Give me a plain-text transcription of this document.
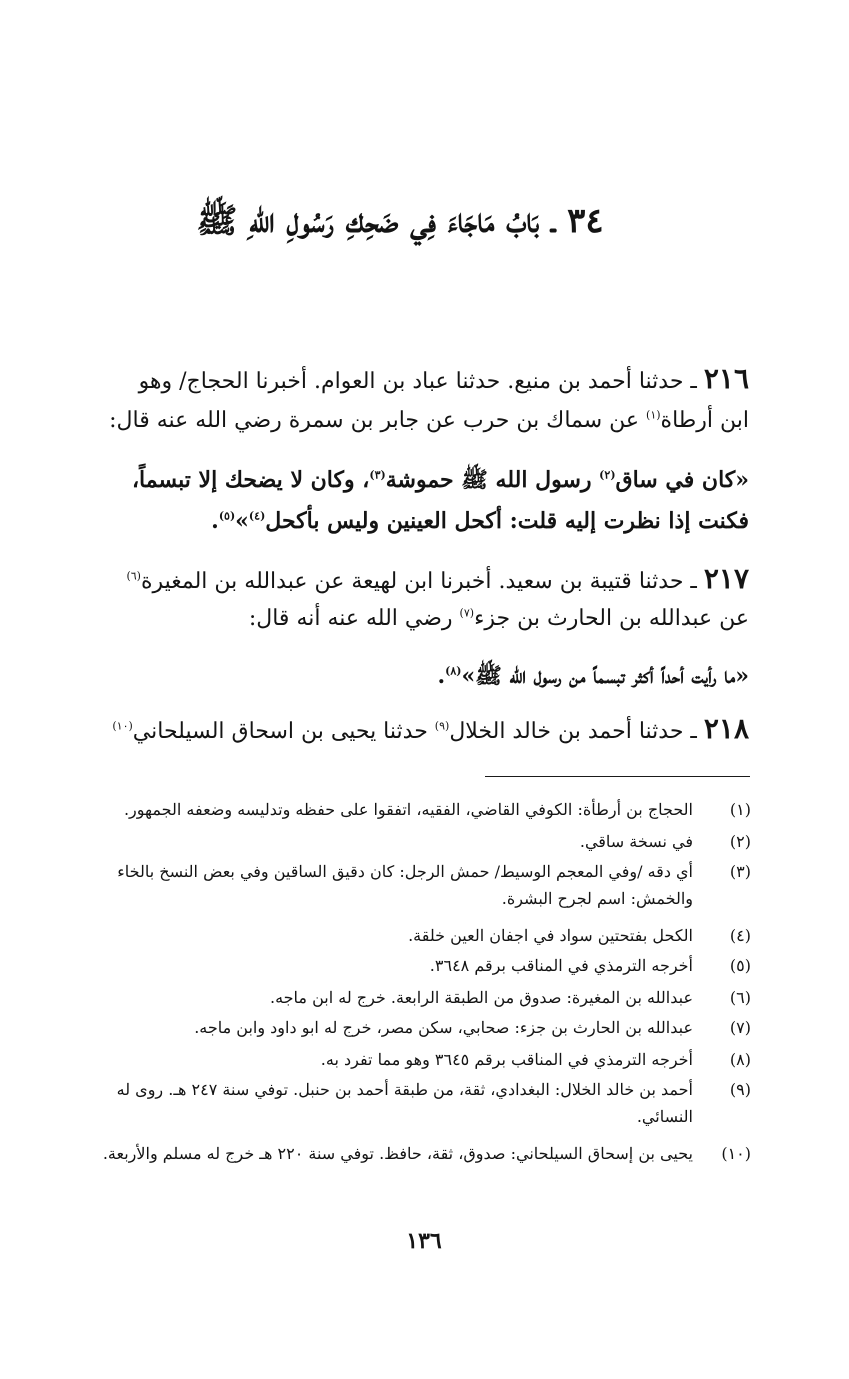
٣٤ ـ بَابُ مَاجَاءَ فِي ضَحِكِ رَسُولِ اللهِ ﷺ
٢١٦ ـ حدثنا أحمد بن منيع. حدثنا عباد بن العوام. أخبرنا الحجاج/ وهو
ابن أرطاة$^{(١)}$ عن سماك بن حرب عن جابر بن سمرة رضي الله عنه قال:
«كان في ساق$^{(٢)}$ رسول الله ﷺ حموشة$^{(٣)}$، وكان لا يضحك إلا تبسماً،
فكنت إذا نظرت إليه قلت: أكحل العينين وليس بأكحل$^{(٤)}$»$^{(٥)}$.
٢١٧ ـ حدثنا قتيبة بن سعيد. أخبرنا ابن لهيعة عن عبدالله بن المغيرة$^{(٦)}$
عن عبدالله بن الحارث بن جزء$^{(٧)}$ رضي الله عنه أنه قال:
«ما رأيت أحداً أكثر تبسماً من رسول الله ﷺ»$^{(٨)}$.
٢١٨ ـ حدثنا أحمد بن خالد الخلال$^{(٩)}$ حدثنا يحيى بن اسحاق السيلحاني$^{(١٠)}$
(١)
الحجاج بن أرطأة: الكوفي القاضي، الفقيه، اتفقوا على حفظه وتدليسه وضعفه الجمهور.
(٢)
في نسخة ساقي.
(٣)
أي دقه /وفي المعجم الوسيط/ حمش الرجل: كان دقيق الساقين وفي بعض النسخ بالخاء والخمش: اسم لجرح البشرة.
(٤)
الكحل بفتحتين سواد في اجفان العين خلقة.
(٥)
أخرجه الترمذي في المناقب برقم ٣٦٤٨.
(٦)
عبدالله بن المغيرة: صدوق من الطبقة الرابعة. خرج له ابن ماجه.
(٧)
عبدالله بن الحارث بن جزء: صحابي، سكن مصر، خرج له ابو داود وابن ماجه.
(٨)
أخرجه الترمذي في المناقب برقم ٣٦٤٥ وهو مما تفرد به.
(٩)
أحمد بن خالد الخلال: البغدادي، ثقة، من طبقة أحمد بن حنبل. توفي سنة ٢٤٧ هـ. روى له النسائي.
(١٠)
يحيى بن إسحاق السيلحاني: صدوق، ثقة، حافظ. توفي سنة ٢٢٠ هـ خرج له مسلم والأربعة.
١٣٦
